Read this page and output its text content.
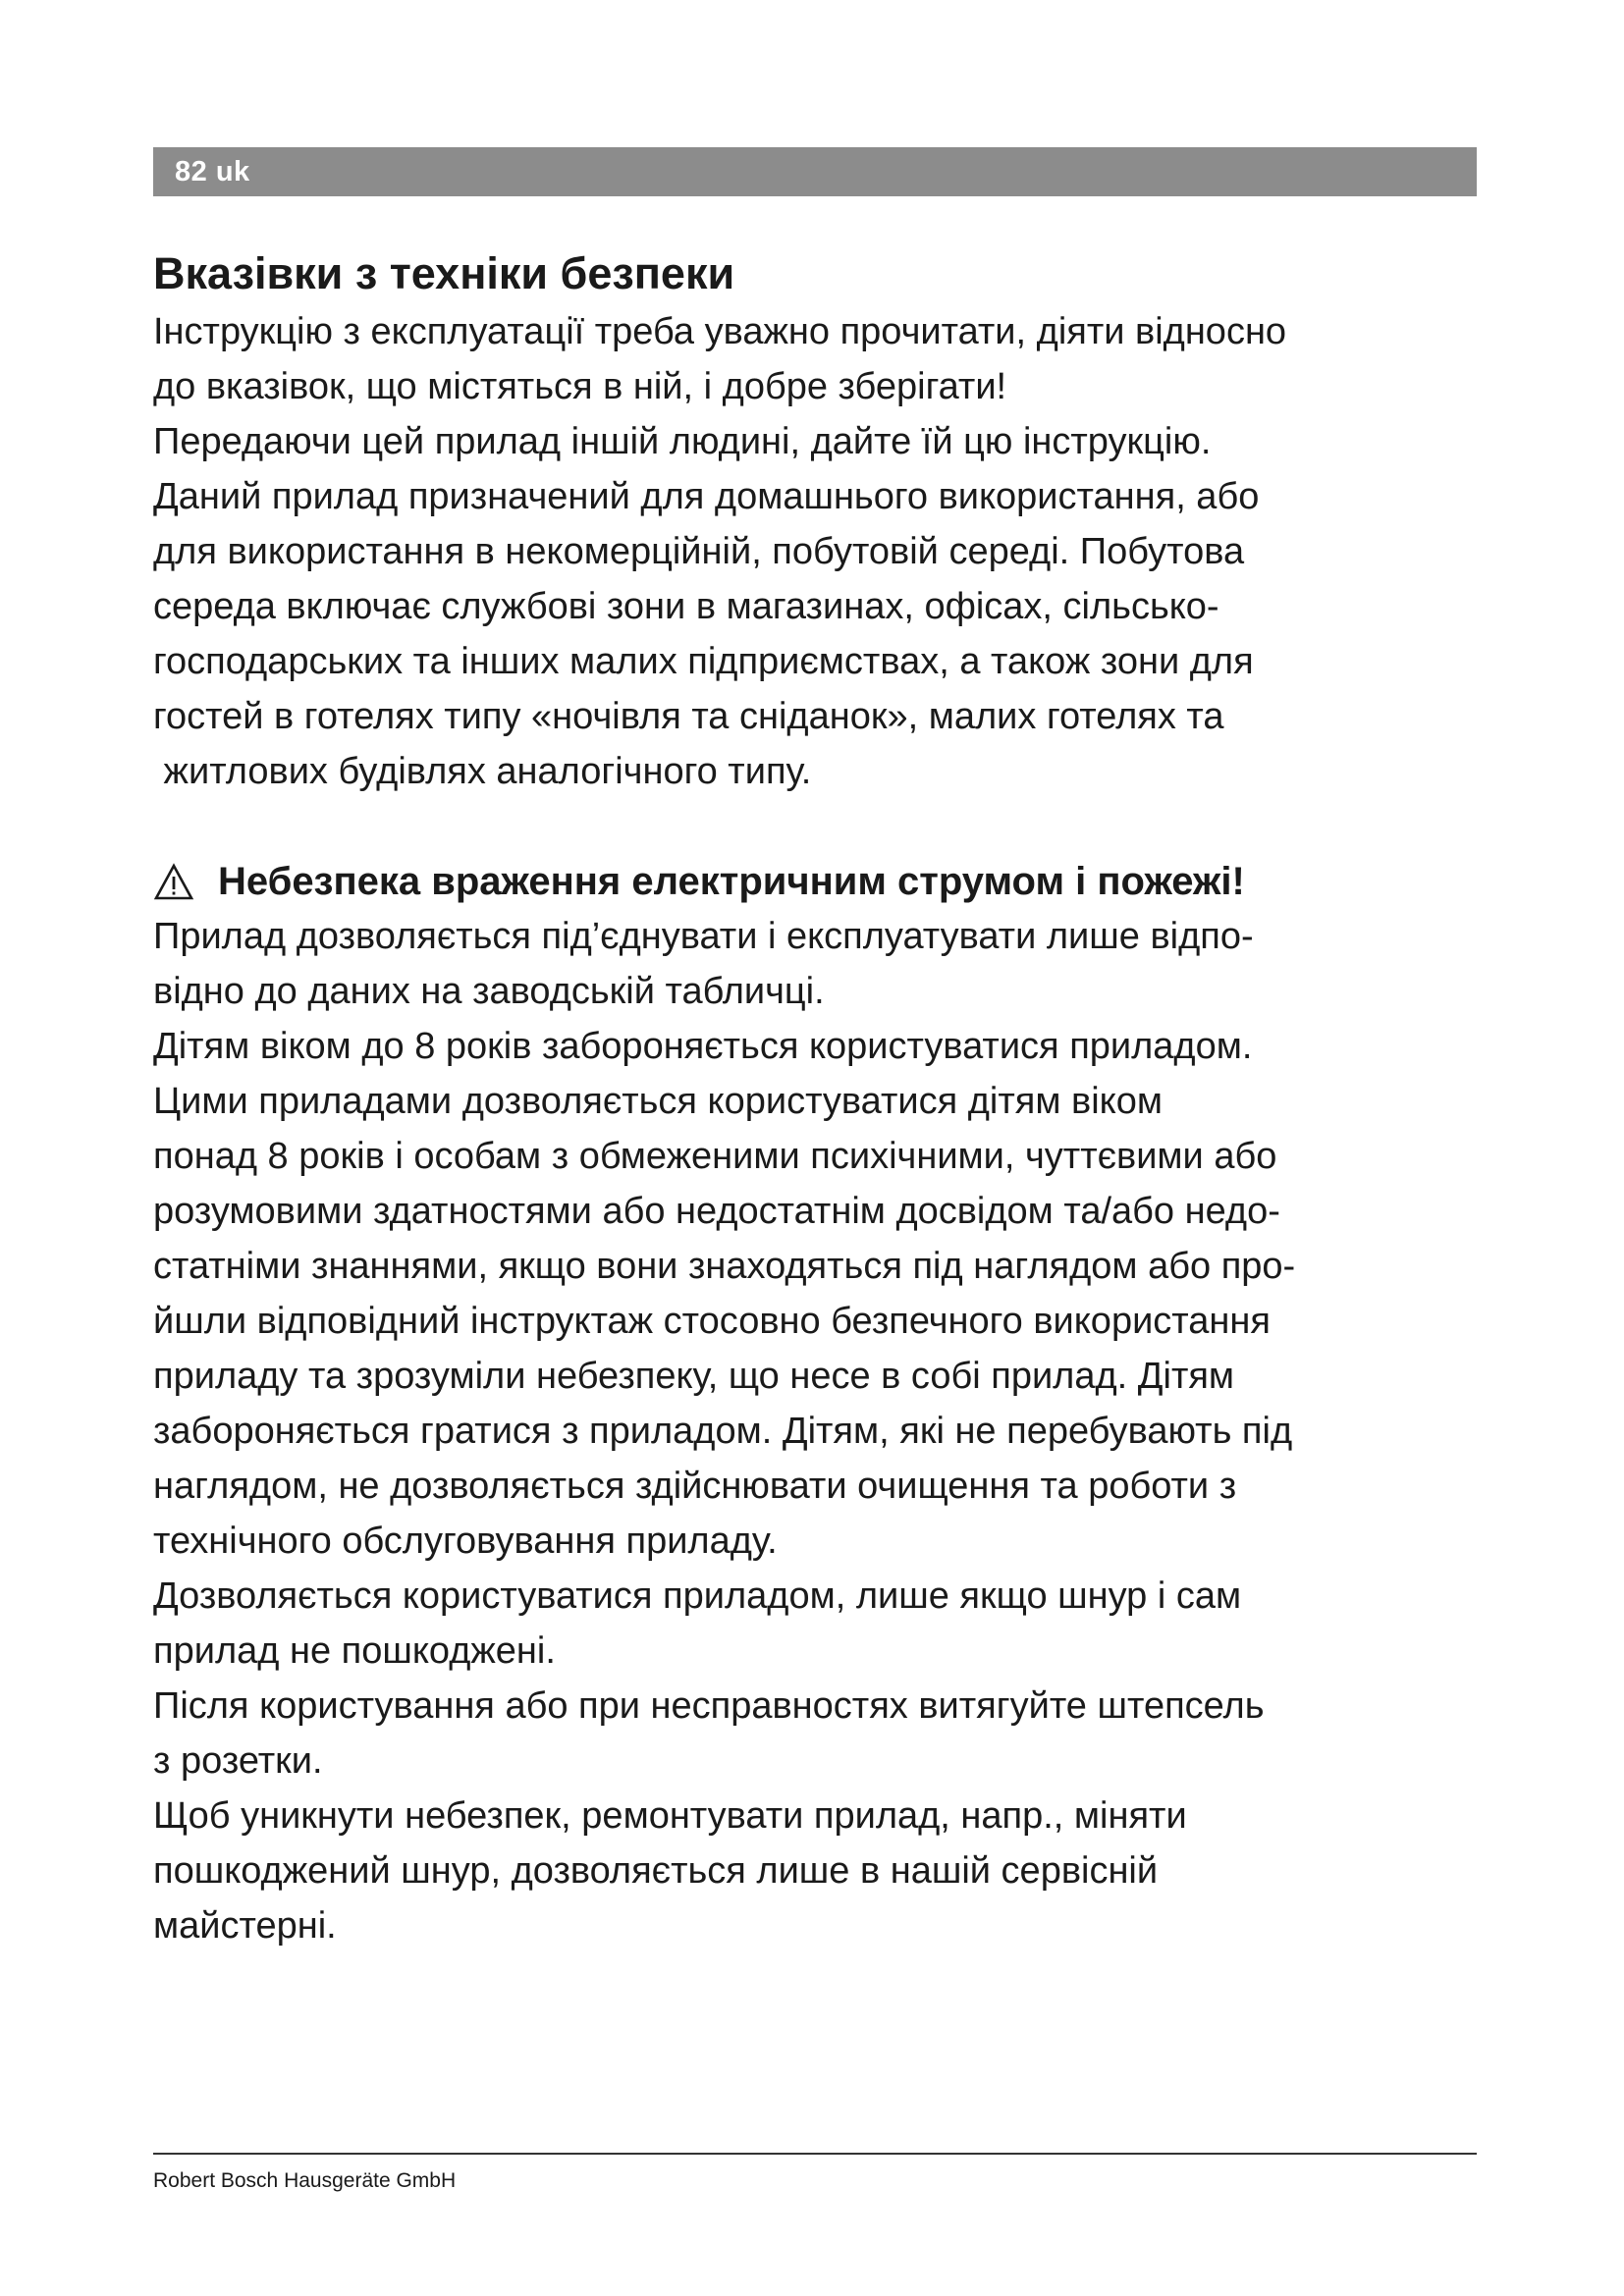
82 uk
Вказівки з техніки безпеки
Інструкцію з експлуатації треба уважно прочитати, діяти відносно
до вказівок, що містяться в ній, і добре зберігати!
Передаючи цей прилад іншій людині, дайте їй цю інструкцію.
Даний прилад призначений для домашнього використання, або
для використання в некомерційній, побутовій середі. Побутова
середа включає службові зони в магазинах, офісах, сільсько-
господарських та інших малих підприємствах, а також зони для
гостей в готелях типу «ночівля та сніданок», малих готелях та
житлових будівлях аналогічного типу.
Небезпека враження електричним струмом і пожежі!
Прилад дозволяється під’єднувати і експлуатувати лише відпо-
відно до даних на заводській табличці.
Дітям віком до 8 років забороняється користуватися приладом.
Цими приладами дозволяється користуватися дітям віком
понад 8 років і особам з обмеженими психічними, чуттєвими або
розумовими здатностями або недостатнім досвідом та/або недо-
статніми знаннями, якщо вони знаходяться під наглядом або про-
йшли відповідний інструктаж стосовно безпечного використання
приладу та зрозуміли небезпеку, що несе в собі прилад. Дітям
забороняється гратися з приладом. Дітям, які не перебувають під
наглядом, не дозволяється здійснювати очищення та роботи з
технічного обслуговування приладу.
Дозволяється користуватися приладом, лише якщо шнур і сам
прилад не пошкоджені.
Після користування або при несправностях витягуйте штепсель
з розетки.
Щоб уникнути небезпек, ремонтувати прилад, напр., міняти
пошкоджений шнур, дозволяється лише в нашій сервісній
майстерні.
Robert Bosch Hausgeräte GmbH
